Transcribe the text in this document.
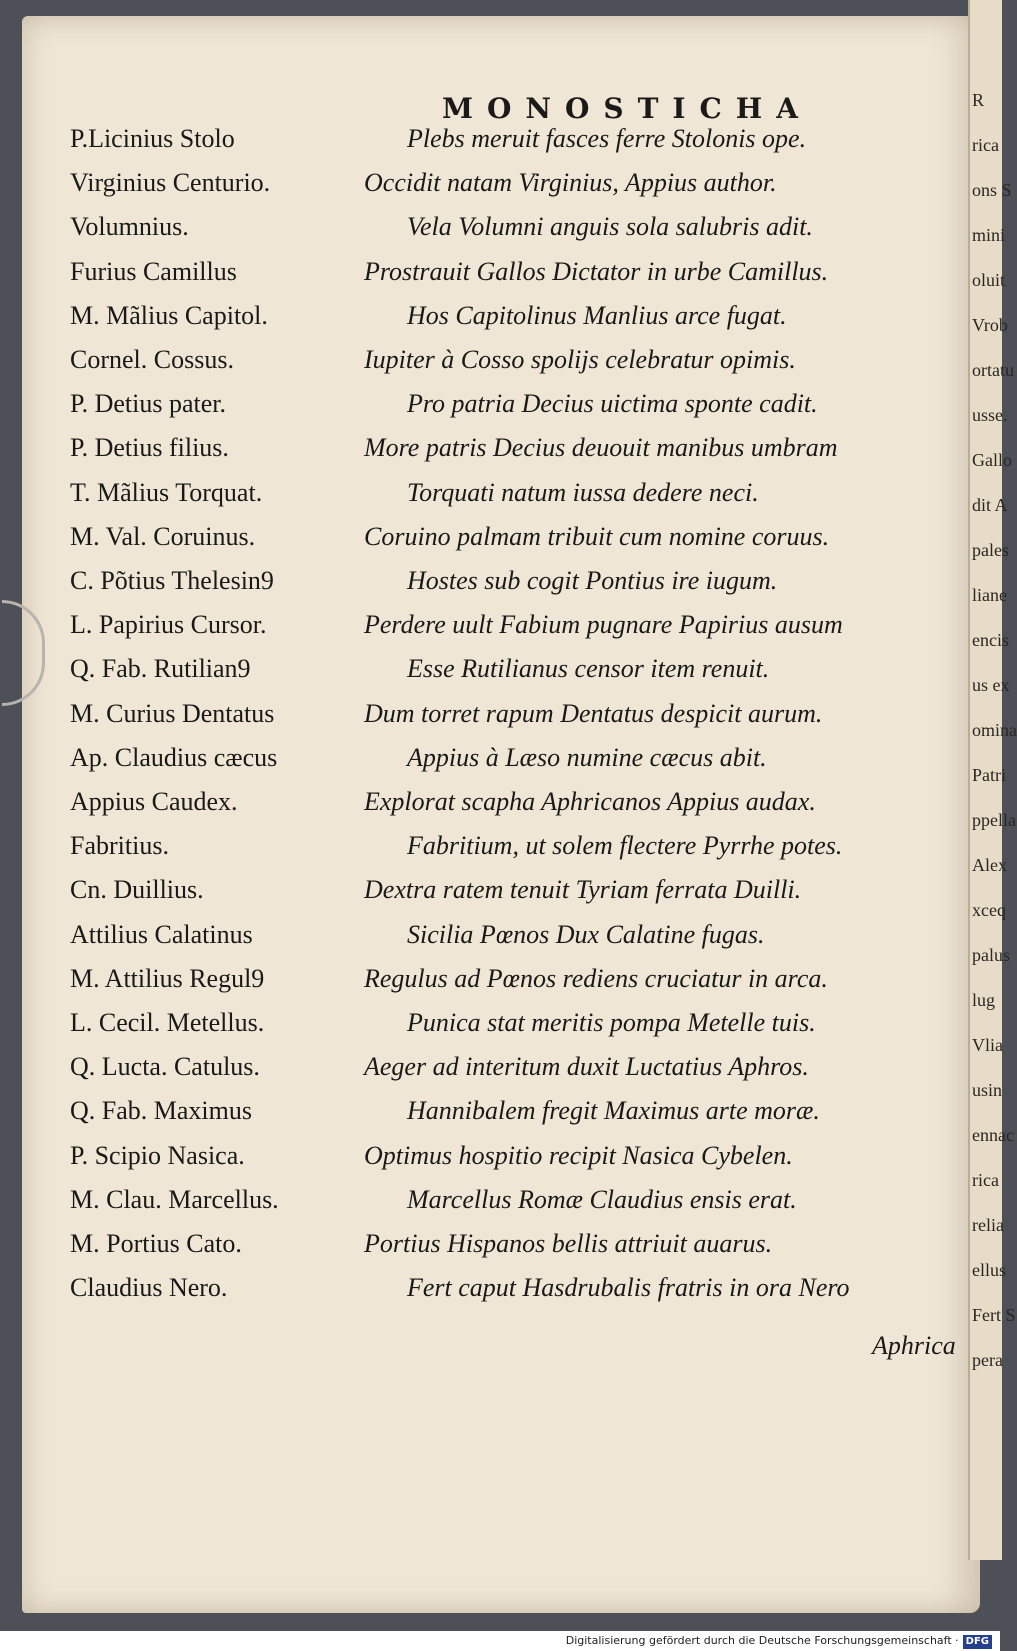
MONOSTICHA
P.Licinius Stolo	Plebs meruit fasces ferre Stolonis ope.
Virginius Centurio.	Occidit natam Virginius, Appius author.
Volumnius.	Vela Volumni anguis sola salubris adit.
Furius Camillus	Prostrauit Gallos Dictator in urbe Camillus.
M. Mãlius Capitol.	Hos Capitolinus Manlius arce fugat.
Cornel. Cossus.	Iupiter à Cosso spolijs celebratur opimis.
P. Detius pater.	Pro patria Decius uictima sponte cadit.
P. Detius filius.	More patris Decius deuouit manibus umbram
T. Mãlius Torquat.	Torquati natum iussa dedere neci.
M. Val. Coruinus.	Coruino palmam tribuit cum nomine coruus.
C. Põtius Thelesin9	Hostes sub cogit Pontius ire iugum.
L. Papirius Cursor.	Perdere uult Fabium pugnare Papirius ausum
Q. Fab. Rutilian9	Esse Rutilianus censor item renuit.
M. Curius Dentatus	Dum torret rapum Dentatus despicit aurum.
Ap. Claudius cæcus	Appius à Læso numine cæcus abit.
Appius Caudex.	Explorat scapha Aphricanos Appius audax.
Fabritius.	Fabritium, ut solem flectere Pyrrhe potes.
Cn. Duillius.	Dextra ratem tenuit Tyriam ferrata Duilli.
Attilius Calatinus	Sicilia Pœnos Dux Calatine fugas.
M. Attilius Regul9	Regulus ad Pœnos rediens cruciatur in arca.
L. Cecil. Metellus.	Punica stat meritis pompa Metelle tuis.
Q. Lucta. Catulus.	Aeger ad interitum duxit Luctatius Aphros.
Q. Fab. Maximus	Hannibalem fregit Maximus arte moræ.
P. Scipio Nasica.	Optimus hospitio recipit Nasica Cybelen.
M. Clau. Marcellus.	Marcellus Romæ Claudius ensis erat.
M. Portius Cato.	Portius Hispanos bellis attriuit auarus.
Claudius Nero.	Fert caput Hasdrubalis fratris in ora Nero
Aphrica
R
rica
ons S
mini
oluit
Vrob
ortatu
usse.
Gallo
dit A
pales
liane
encis
us ex
omina
Patri
ppella
Alex
xceq
palus
lug
Vlia
usin
ennac
rica
relia
ellus
Fert S
pera
Digitalisierung gefördert durch die Deutsche Forschungsgemeinschaft · DFG
